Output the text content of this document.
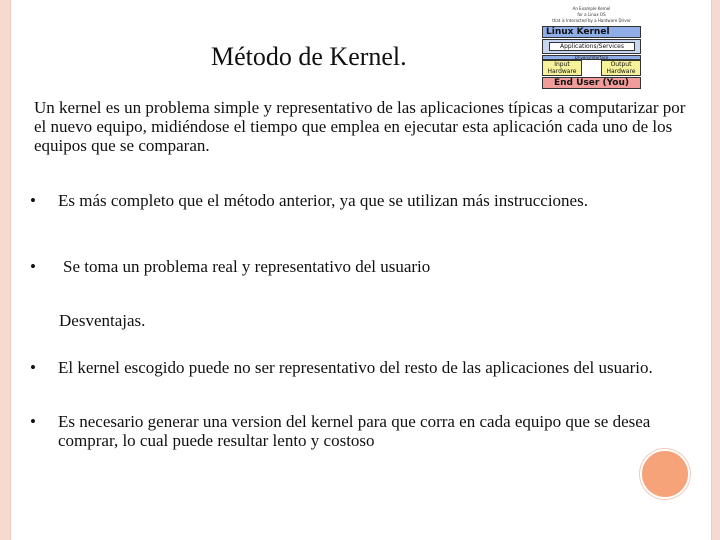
Método de Kernel.
An Example Kernel
for a Linux OS
that is Interacted by a Hardware Driver
Linux Kernel
Applications/Services
Drivers/Interface
Input
Hardware
Output
Hardware
End User (You)
Un kernel es un problema simple y representativo de las aplicaciones típicas a computarizar por el nuevo equipo, midiéndose el tiempo que emplea en ejecutar esta aplicación cada uno de los equipos que se comparan.
• Es más completo que el método anterior, ya que se utilizan más instrucciones.
• Se toma un problema real y representativo del usuario
Desventajas.
• El kernel escogido puede no ser representativo del resto de las aplicaciones del usuario.
• Es necesario generar una version del kernel para que corra en cada equipo que se desea comprar, lo cual puede resultar lento y costoso
